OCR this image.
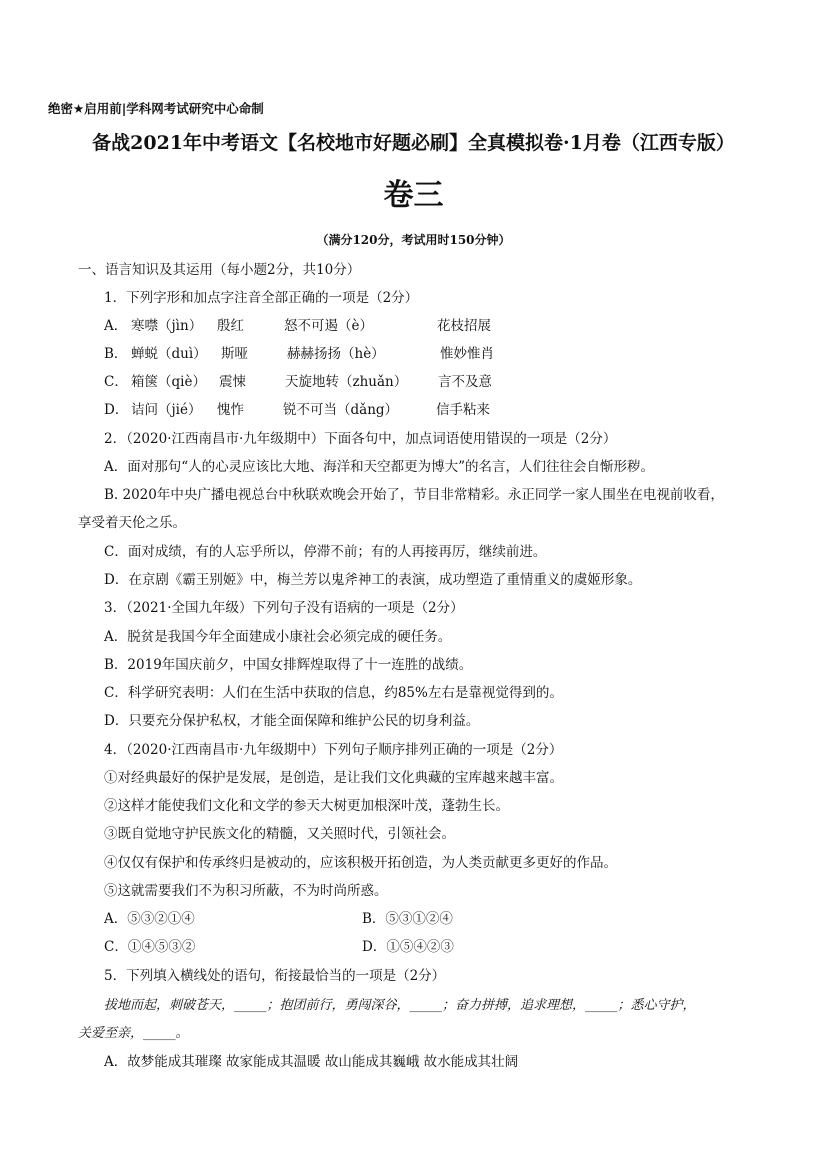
绝密★启用前|学科网考试研究中心命制
备战2021年中考语文【名校地市好题必刷】全真模拟卷·1月卷（江西专版）
卷三
（满分120分，考试用时150分钟）
一、语言知识及其运用（每小题2分，共10分）
1．下列字形和加点字注音全部正确的一项是（2分）
A． 寒噤（jìn） 殷红	怒不可遏（è）	花枝招展
B． 蝉蜕（duì） 斯哑	赫赫扬扬（hè）	惟妙惟肖
C． 箱箧（qiè） 震悚	天旋地转（zhuǎn） 言不及意
D． 诘问（jié） 愧怍	锐不可当（dǎng）	信手粘来
2．（2020·江西南昌市·九年级期中）下面各句中，加点词语使用错误的一项是（2分）
A．面对那句“人的心灵应该比大地、海洋和天空都更为博大”的名言，人们往往会自惭形秽。
B. 2020年中央广播电视总台中秋联欢晚会开始了，节目非常精彩。永正同学一家人围坐在电视前收看，
享受着天伦之乐。
C．面对成绩，有的人忘乎所以，停滞不前；有的人再接再厉，继续前进。
D．在京剧《霸王别姬》中，梅兰芳以鬼斧神工的表演，成功塑造了重情重义的虞姬形象。
3．（2021·全国九年级）下列句子没有语病的一项是（2分）
A．脱贫是我国今年全面建成小康社会必须完成的硬任务。
B．2019年国庆前夕，中国女排辉煌取得了十一连胜的战绩。
C．科学研究表明：人们在生活中获取的信息，约85%左右是靠视觉得到的。
D．只要充分保护私权，才能全面保障和维护公民的切身利益。
4．（2020·江西南昌市·九年级期中）下列句子顺序排列正确的一项是（2分）
①对经典最好的保护是发展，是创造，是让我们文化典藏的宝库越来越丰富。
②这样才能使我们文化和文学的参天大树更加根深叶茂，蓬勃生长。
③既自觉地守护民族文化的精髓，又关照时代，引领社会。
④仅仅有保护和传承终归是被动的，应该积极开拓创造，为人类贡献更多更好的作品。
⑤这就需要我们不为积习所蔽，不为时尚所惑。
A．⑤③②①④	B．⑤③①②④
C．①④⑤③②	D．①⑤④②③
5．下列填入横线处的语句，衔接最恰当的一项是（2分）
拔地而起，刺破苍天，_____；抱团前行，勇闯深谷，_____；奋力拼搏，追求理想，_____；悉心守护，
关爱至亲，_____。
A．故梦能成其璀璨 故家能成其温暖 故山能成其巍峨 故水能成其壮阔
